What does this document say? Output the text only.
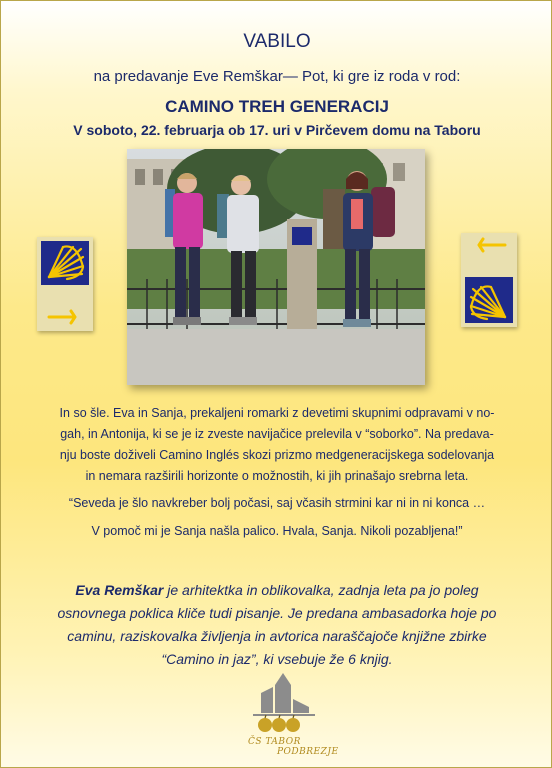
VABILO
na predavanje Eve Remškar— Pot, ki gre iz roda v rod:
CAMINO TREH GENERACIJ
V soboto, 22. februarja ob 17. uri v Pirčevem domu na Taboru
In so šle. Eva in Sanja, prekaljeni romarki z devetimi skupnimi odpravami v no-
gah, in Antonija, ki se je iz zveste navijačice prelevila v “soborko”. Na predava-
nju boste doživeli Camino Inglés skozi prizmo medgeneracijskega sodelovanja
in nemara razširili horizonte o možnostih, ki jih prinašajo srebrna leta.
“Seveda je šlo navkreber bolj počasi, saj včasih strmini kar ni in ni konca …
V pomoč mi je Sanja našla palico. Hvala, Sanja. Nikoli pozabljena!”
Eva Remškar je arhitektka in oblikovalka, zadnja leta pa jo poleg
osnovnega poklica kliče tudi pisanje. Je predana ambasadorka hoje po
caminu, raziskovalka življenja in avtorica naraščajoče knjižne zbirke
“Camino in jaz”, ki vsebuje že 6 knjig.
ČS TABOR
PODBREZJE
